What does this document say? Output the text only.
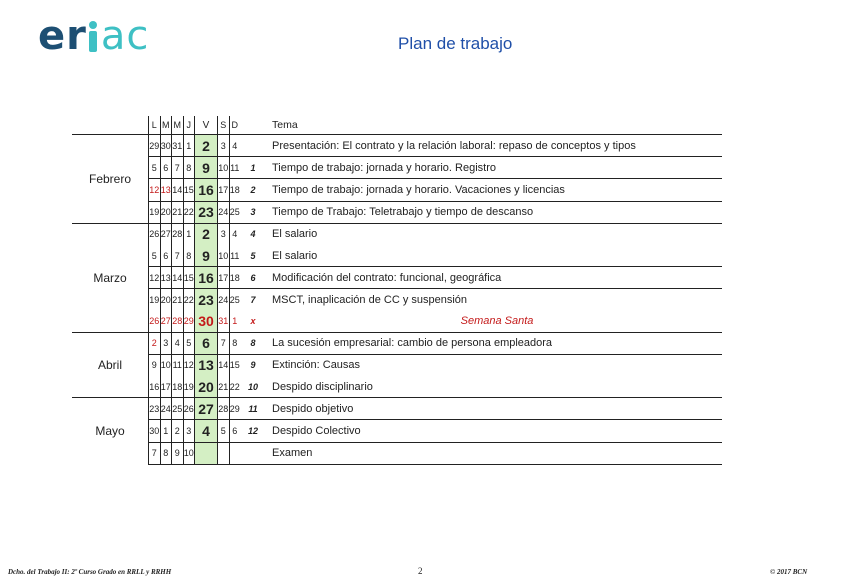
er ac	Plan de trabajo
	L	M	M	J	V	S	D		Tema
Febrero	29	30	31	1	2	3	4		Presentación: El contrato y la relación laboral: repaso de conceptos y tipos
	5	6	7	8	9	10	11	1	Tiempo de trabajo: jornada y horario. Registro
	12	13	14	15	16	17	18	2	Tiempo de trabajo: jornada y horario. Vacaciones y licencias
	19	20	21	22	23	24	25	3	Tiempo de Trabajo: Teletrabajo y tiempo de descanso
Marzo	26	27	28	1	2	3	4	4	El salario
	5	6	7	8	9	10	11	5	El salario
	12	13	14	15	16	17	18	6	Modificación del contrato: funcional, geográfica
	19	20	21	22	23	24	25	7	MSCT, inaplicación de CC y suspensión
	26	27	28	29	30	31	1	x	Semana Santa
Abril	2	3	4	5	6	7	8	8	La sucesión empresarial: cambio de persona empleadora
	9	10	11	12	13	14	15	9	Extinción: Causas
	16	17	18	19	20	21	22	10	Despido disciplinario
Mayo	23	24	25	26	27	28	29	11	Despido objetivo
	30	1	2	3	4	5	6	12	Despido Colectivo
	7	8	9	10					Examen
Dcho. del Trabajo II: 2º Curso Grado en RRLL y RRHH	2	© 2017 BCN
